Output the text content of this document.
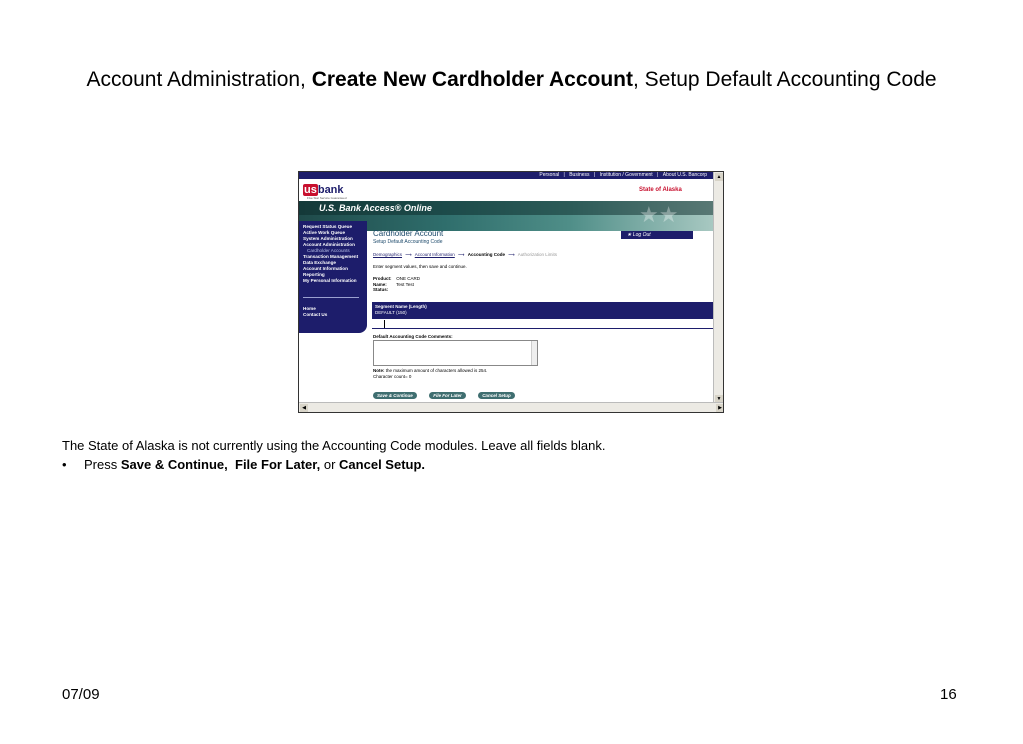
Account Administration, Create New Cardholder Account, Setup Default Accounting Code
Personal | Business | Institution / Government | About U.S. Bancorp
usbank
Five Star Service Guaranteed
State of Alaska
U.S. Bank Access® Online	★★
Request Status Queue
Active Work Queue
System Administration
Account Administration
Cardholder Accounts
Transaction Management
Data Exchange
Account Information
Reporting
My Personal Information
Home
Contact Us
Cardholder Account
Setup Default Accounting Code
★ Log Out
Demographics ⟶ Account Information ⟶ Accounting Code ⟶ Authorization Limits
Enter segment values, then save and continue.
Product: ONE CARD
Name: Test Test
Status:
Segment Name (Length)
DEFAULT (150)
Default Accounting Code Comments:
Note: the maximum amount of characters allowed is 254.
Character count= 0
Save & Continue	File For Later	Cancel Setup
▲
▼
◀	▶
The State of Alaska is not currently using the Accounting Code modules. Leave all fields blank.
• Press Save & Continue, File For Later, or Cancel Setup.
07/09	16
